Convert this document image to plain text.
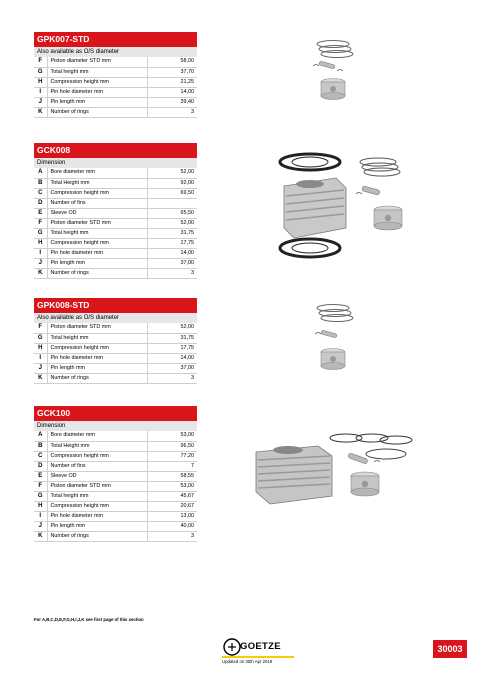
GPK007-STD
Also available as O/S diameter
F	Piston diameter STD mm	58,00
G	Total height mm	37,70
H	Compression height mm	21,25
I	Pin hole diameter mm	14,00
J	Pin length mm	39,40
K	Number of rings	3
GCK008
Dimension
A	Bore diameter mm	52,00
B	Total Height mm	92,00
C	Compression height mm	69,50
D	Number of fins	
E	Sleeve OD	65,50
F	Piston diameter STD mm	52,00
G	Total height mm	31,75
H	Compression height mm	17,75
I	Pin hole diameter mm	14,00
J	Pin length mm	37,00
K	Number of rings	3
GPK008-STD
Also available as O/S diameter
F	Piston diameter STD mm	52,00
G	Total height mm	31,75
H	Compression height mm	17,75
I	Pin hole diameter mm	14,00
J	Pin length mm	37,00
K	Number of rings	3
GCK100
Dimension
A	Bore diameter mm	53,00
B	Total Height mm	96,50
C	Compression height mm	77,20
D	Number of fins	7
E	Sleeve OD	58,55
F	Piston diameter STD mm	53,00
G	Total height mm	45,67
H	Compression height mm	20,67
I	Pin hole diameter mm	13,00
J	Pin length mm	40,00
K	Number of rings	3
For A,B,C,D,E,F,G,H,I,J,K see first page of this section
GOETZE
Updated on 30th Apr 2019
30003
